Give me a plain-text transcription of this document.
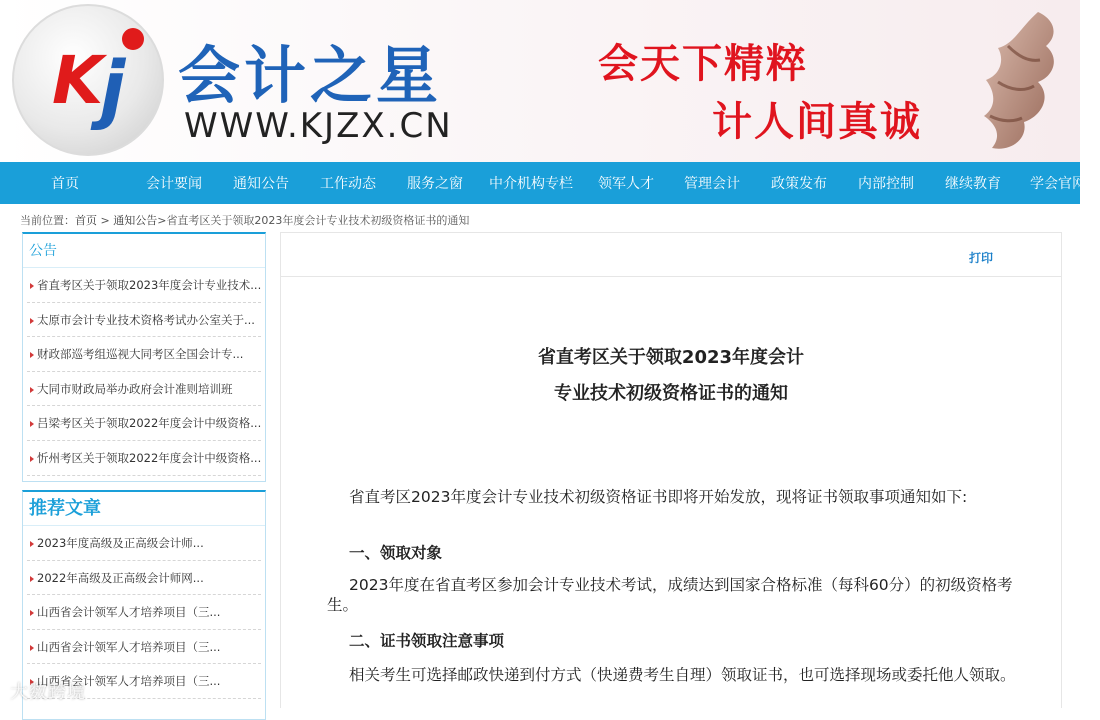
K j 会计之星
WWW.KJZX.CN
会天下精粹
计人间真诚
首页	会计要闻	通知公告	工作动态	服务之窗	中介机构专栏	领军人才	管理会计	政策发布	内部控制	继续教育	学会官网
当前位置：首页 > 通知公告>省直考区关于领取2023年度会计专业技术初级资格证书的通知
公告
省直考区关于领取2023年度会计专业技术...
太原市会计专业技术资格考试办公室关于...
财政部巡考组巡视大同考区全国会计专...
大同市财政局举办政府会计准则培训班
吕梁考区关于领取2022年度会计中级资格...
忻州考区关于领取2022年度会计中级资格...
推荐文章
2023年度高级及正高级会计师...
2022年高级及正高级会计师网...
山西省会计领军人才培养项目（三...
山西省会计领军人才培养项目（三...
山西省会计领军人才培养项目（三...
打印
省直考区关于领取2023年度会计
专业技术初级资格证书的通知
省直考区2023年度会计专业技术初级资格证书即将开始发放，现将证书领取事项通知如下:
一、领取对象
2023年度在省直考区参加会计专业技术考试，成绩达到国家合格标准（每科60分）的初级资格考生。
二、证书领取注意事项
相关考生可选择邮政快递到付方式（快递费考生自理）领取证书，也可选择现场或委托他人领取。
大数跨境
